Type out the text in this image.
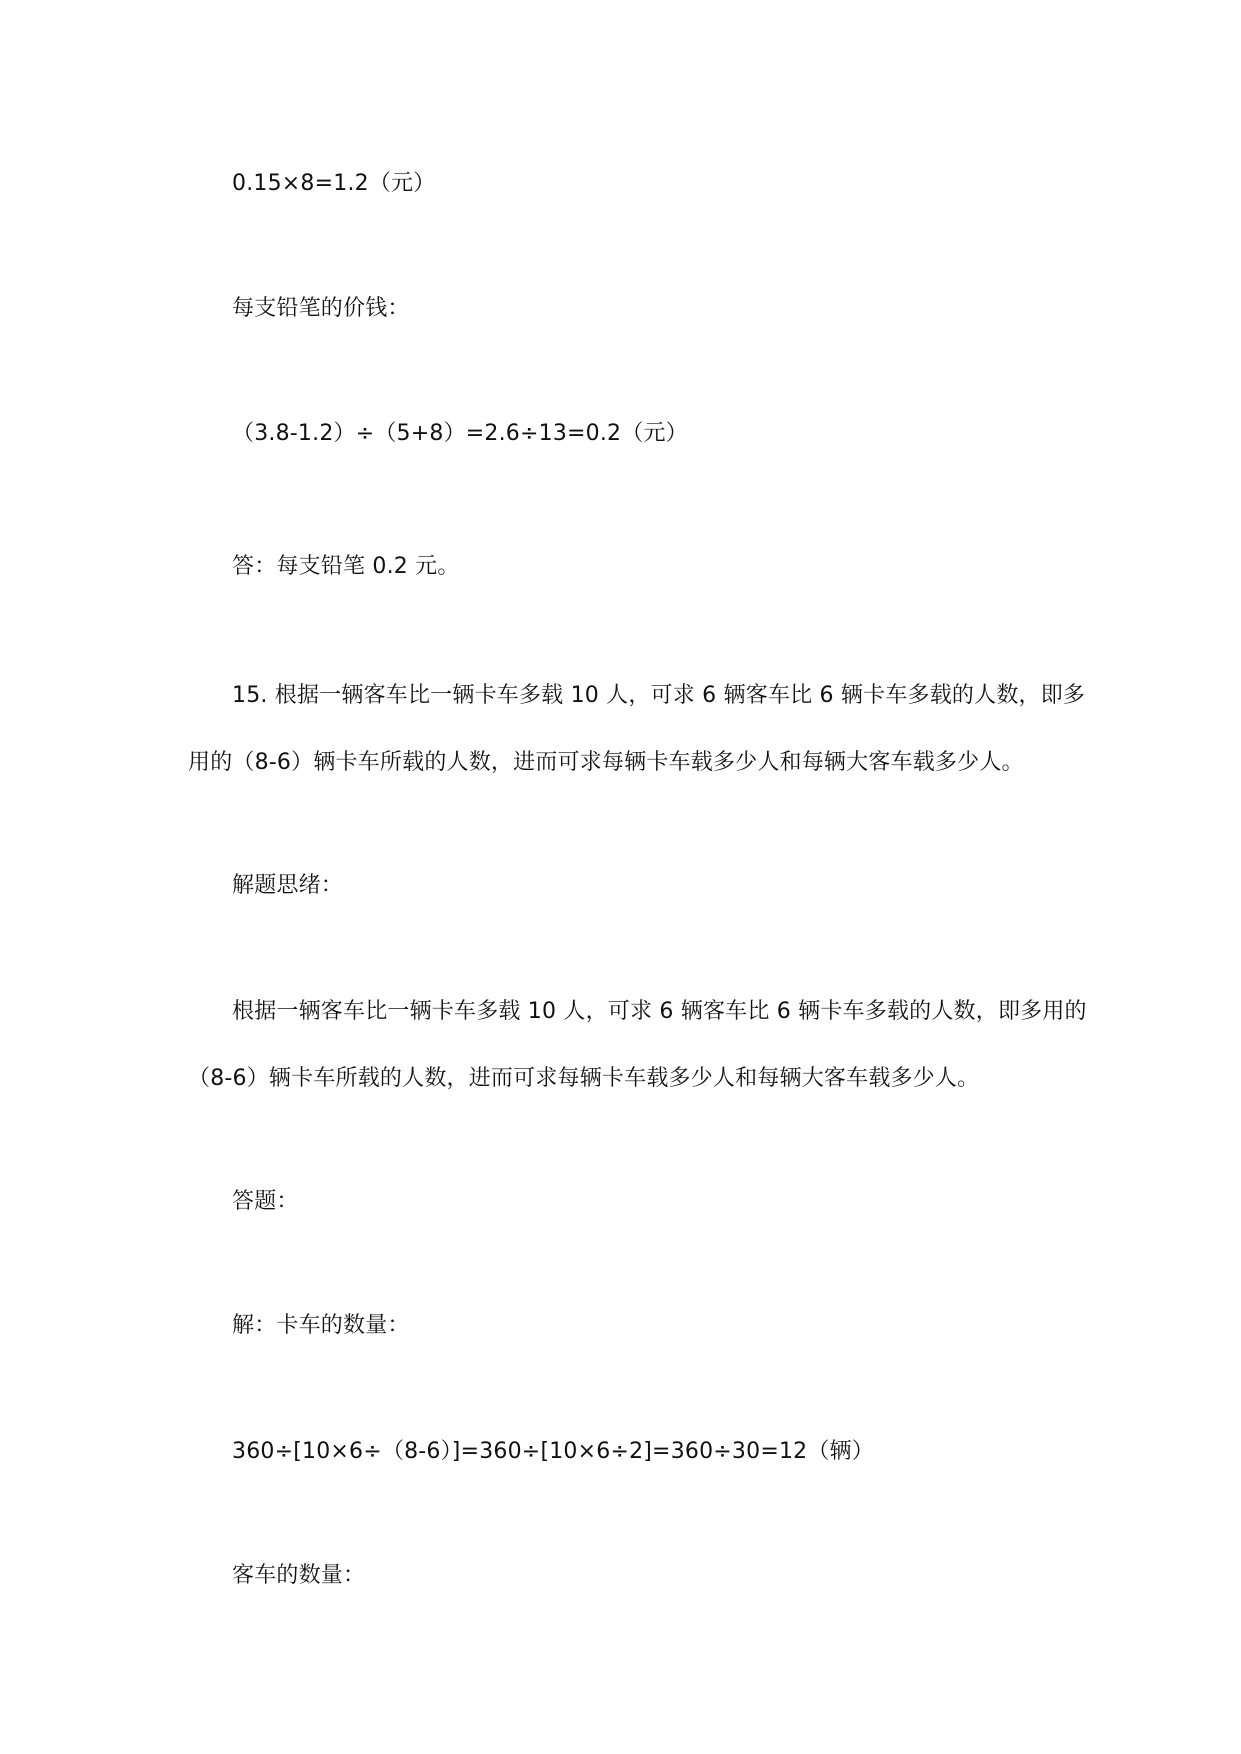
0.15×8=1.2（元）
每支铅笔的价钱：
（3.8-1.2）÷（5+8）=2.6÷13=0.2（元）
答：每支铅笔 0.2 元。
15. 根据一辆客车比一辆卡车多载 10 人，可求 6 辆客车比 6 辆卡车多载的人数，即多
用的（8-6）辆卡车所载的人数，进而可求每辆卡车载多少人和每辆大客车载多少人。
解题思绪：
根据一辆客车比一辆卡车多载 10 人，可求 6 辆客车比 6 辆卡车多载的人数，即多用的
（8-6）辆卡车所载的人数，进而可求每辆卡车载多少人和每辆大客车载多少人。
答题：
解：卡车的数量：
360÷[10×6÷（8-6）]=360÷[10×6÷2]=360÷30=12（辆）
客车的数量：
